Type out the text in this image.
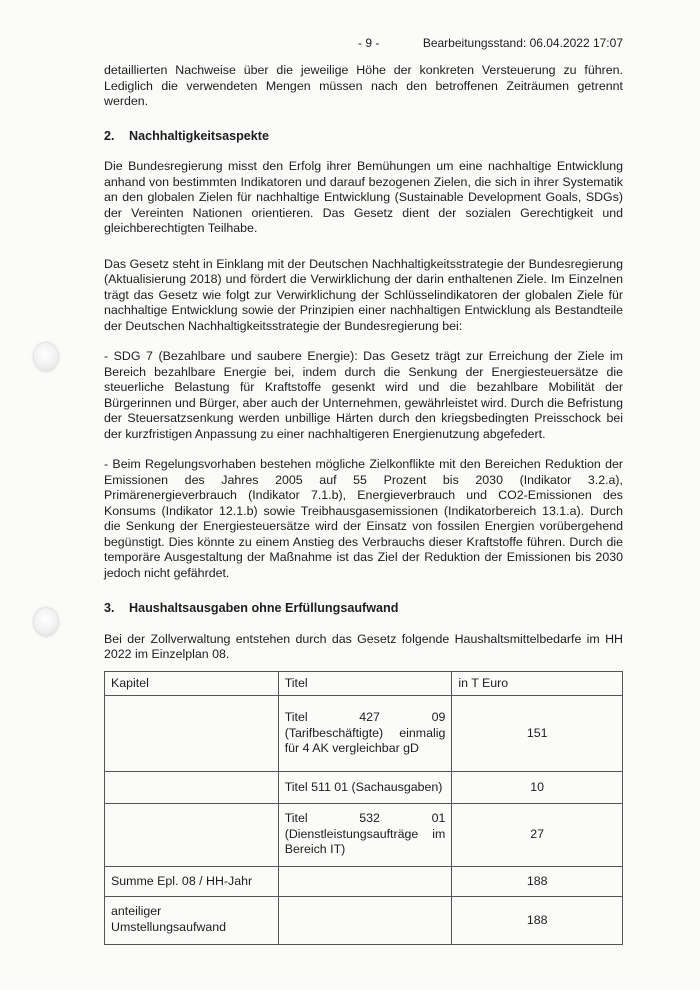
- 9 -	Bearbeitungsstand: 06.04.2022 17:07

detaillierten Nachweise über die jeweilige Höhe der konkreten Versteuerung zu führen. Lediglich die verwendeten Mengen müssen nach den betroffenen Zeiträumen getrennt werden.

2. Nachhaltigkeitsaspekte

Die Bundesregierung misst den Erfolg ihrer Bemühungen um eine nachhaltige Entwicklung anhand von bestimmten Indikatoren und darauf bezogenen Zielen, die sich in ihrer Systematik an den globalen Zielen für nachhaltige Entwicklung (Sustainable Development Goals, SDGs) der Vereinten Nationen orientieren. Das Gesetz dient der sozialen Gerechtigkeit und gleichberechtigten Teilhabe.

Das Gesetz steht in Einklang mit der Deutschen Nachhaltigkeitsstrategie der Bundesregierung (Aktualisierung 2018) und fördert die Verwirklichung der darin enthaltenen Ziele. Im Einzelnen trägt das Gesetz wie folgt zur Verwirklichung der Schlüsselindikatoren der globalen Ziele für nachhaltige Entwicklung sowie der Prinzipien einer nachhaltigen Entwicklung als Bestandteile der Deutschen Nachhaltigkeitsstrategie der Bundesregierung bei:

- SDG 7 (Bezahlbare und saubere Energie): Das Gesetz trägt zur Erreichung der Ziele im Bereich bezahlbare Energie bei, indem durch die Senkung der Energiesteuersätze die steuerliche Belastung für Kraftstoffe gesenkt wird und die bezahlbare Mobilität der Bürgerinnen und Bürger, aber auch der Unternehmen, gewährleistet wird. Durch die Befristung der Steuersatzsenkung werden unbillige Härten durch den kriegsbedingten Preisschock bei der kurzfristigen Anpassung zu einer nachhaltigeren Energienutzung abgefedert.

- Beim Regelungsvorhaben bestehen mögliche Zielkonflikte mit den Bereichen Reduktion der Emissionen des Jahres 2005 auf 55 Prozent bis 2030 (Indikator 3.2.a), Primärenergieverbrauch (Indikator 7.1.b), Energieverbrauch und CO2-Emissionen des Konsums (Indikator 12.1.b) sowie Treibhausgasemissionen (Indikatorbereich 13.1.a). Durch die Senkung der Energiesteuersätze wird der Einsatz von fossilen Energien vorübergehend begünstigt. Dies könnte zu einem Anstieg des Verbrauchs dieser Kraftstoffe führen. Durch die temporäre Ausgestaltung der Maßnahme ist das Ziel der Reduktion der Emissionen bis 2030 jedoch nicht gefährdet.

3. Haushaltsausgaben ohne Erfüllungsaufwand

Bei der Zollverwaltung entstehen durch das Gesetz folgende Haushaltsmittelbedarfe im HH 2022 im Einzelplan 08.

Kapitel	Titel	in T Euro
	Titel 427 09 (Tarifbeschäftigte) einmalig für 4 AK vergleichbar gD	151
	Titel 511 01 (Sachausgaben)	10
	Titel 532 01 (Dienstleistungsaufträge im Bereich IT)	27
Summe Epl. 08 / HH-Jahr		188
anteiliger Umstellungsaufwand		188
